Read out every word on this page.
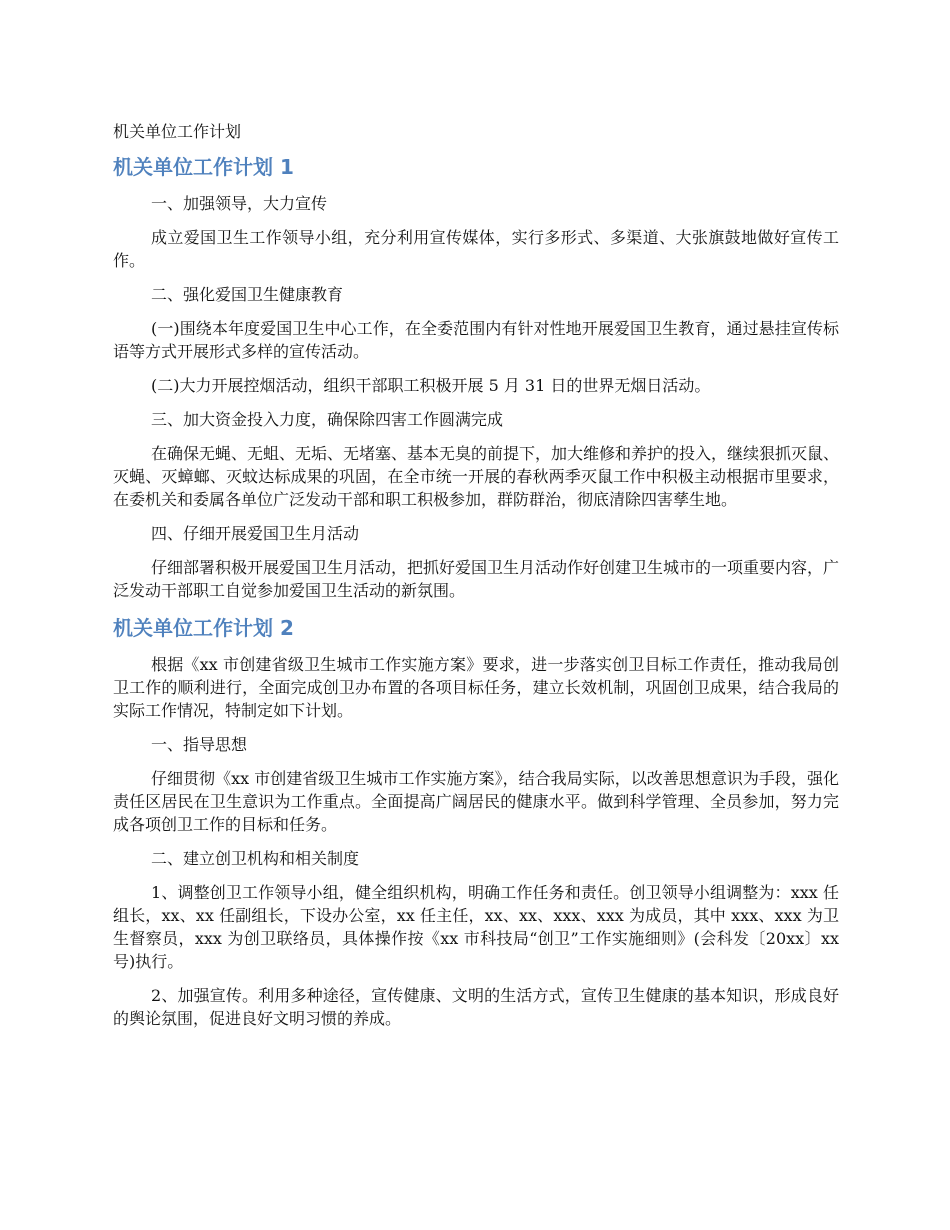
机关单位工作计划
机关单位工作计划 1

一、加强领导，大力宣传

成立爱国卫生工作领导小组，充分利用宣传媒体，实行多形式、多渠道、大张旗鼓地做好宣传工作。

二、强化爱国卫生健康教育

(一)围绕本年度爱国卫生中心工作，在全委范围内有针对性地开展爱国卫生教育，通过悬挂宣传标语等方式开展形式多样的宣传活动。

(二)大力开展控烟活动，组织干部职工积极开展 5 月 31 日的世界无烟日活动。

三、加大资金投入力度，确保除四害工作圆满完成

在确保无蝇、无蛆、无垢、无堵塞、基本无臭的前提下，加大维修和养护的投入，继续狠抓灭鼠、灭蝇、灭蟑螂、灭蚊达标成果的巩固，在全市统一开展的春秋两季灭鼠工作中积极主动根据市里要求，在委机关和委属各单位广泛发动干部和职工积极参加，群防群治，彻底清除四害孳生地。

四、仔细开展爱国卫生月活动

仔细部署积极开展爱国卫生月活动，把抓好爱国卫生月活动作好创建卫生城市的一项重要内容，广泛发动干部职工自觉参加爱国卫生活动的新氛围。

机关单位工作计划 2

根据《xx 市创建省级卫生城市工作实施方案》要求，进一步落实创卫目标工作责任，推动我局创卫工作的顺利进行，全面完成创卫办布置的各项目标任务，建立长效机制，巩固创卫成果，结合我局的实际工作情况，特制定如下计划。

一、指导思想

仔细贯彻《xx 市创建省级卫生城市工作实施方案》，结合我局实际，以改善思想意识为手段，强化责任区居民在卫生意识为工作重点。全面提高广阔居民的健康水平。做到科学管理、全员参加，努力完成各项创卫工作的目标和任务。

二、建立创卫机构和相关制度

1、调整创卫工作领导小组，健全组织机构，明确工作任务和责任。创卫领导小组调整为：xxx 任组长，xx、xx 任副组长，下设办公室，xx 任主任，xx、xx、xxx、xxx 为成员，其中 xxx、xxx 为卫生督察员，xxx 为创卫联络员，具体操作按《xx 市科技局“创卫”工作实施细则》(会科发〔20xx〕xx 号)执行。

2、加强宣传。利用多种途径，宣传健康、文明的生活方式，宣传卫生健康的基本知识，形成良好的舆论氛围，促进良好文明习惯的养成。
